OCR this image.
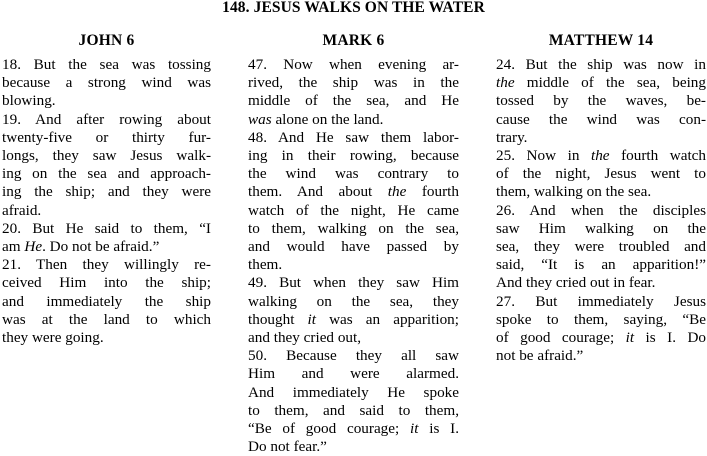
148. JESUS WALKS ON THE WATER
JOHN 6
18. But the sea was tossing
because a strong wind was
blowing.
19. And after rowing about
twenty-five or thirty fur-
longs, they saw Jesus walk-
ing on the sea and approach-
ing the ship; and they were
afraid.
20. But He said to them, “I
am He. Do not be afraid.”
21. Then they willingly re-
ceived Him into the ship;
and immediately the ship
was at the land to which
they were going.
MARK 6
47. Now when evening ar-
rived, the ship was in the
middle of the sea, and He
was alone on the land.
48. And He saw them labor-
ing in their rowing, because
the wind was contrary to
them. And about the fourth
watch of the night, He came
to them, walking on the sea,
and would have passed by
them.
49. But when they saw Him
walking on the sea, they
thought it was an apparition;
and they cried out,
50. Because they all saw
Him and were alarmed.
And immediately He spoke
to them, and said to them,
“Be of good courage; it is I.
Do not fear.”
MATTHEW 14
24. But the ship was now in
the middle of the sea, being
tossed by the waves, be-
cause the wind was con-
trary.
25. Now in the fourth watch
of the night, Jesus went to
them, walking on the sea.
26. And when the disciples
saw Him walking on the
sea, they were troubled and
said, “It is an apparition!”
And they cried out in fear.
27. But immediately Jesus
spoke to them, saying, “Be
of good courage; it is I. Do
not be afraid.”
